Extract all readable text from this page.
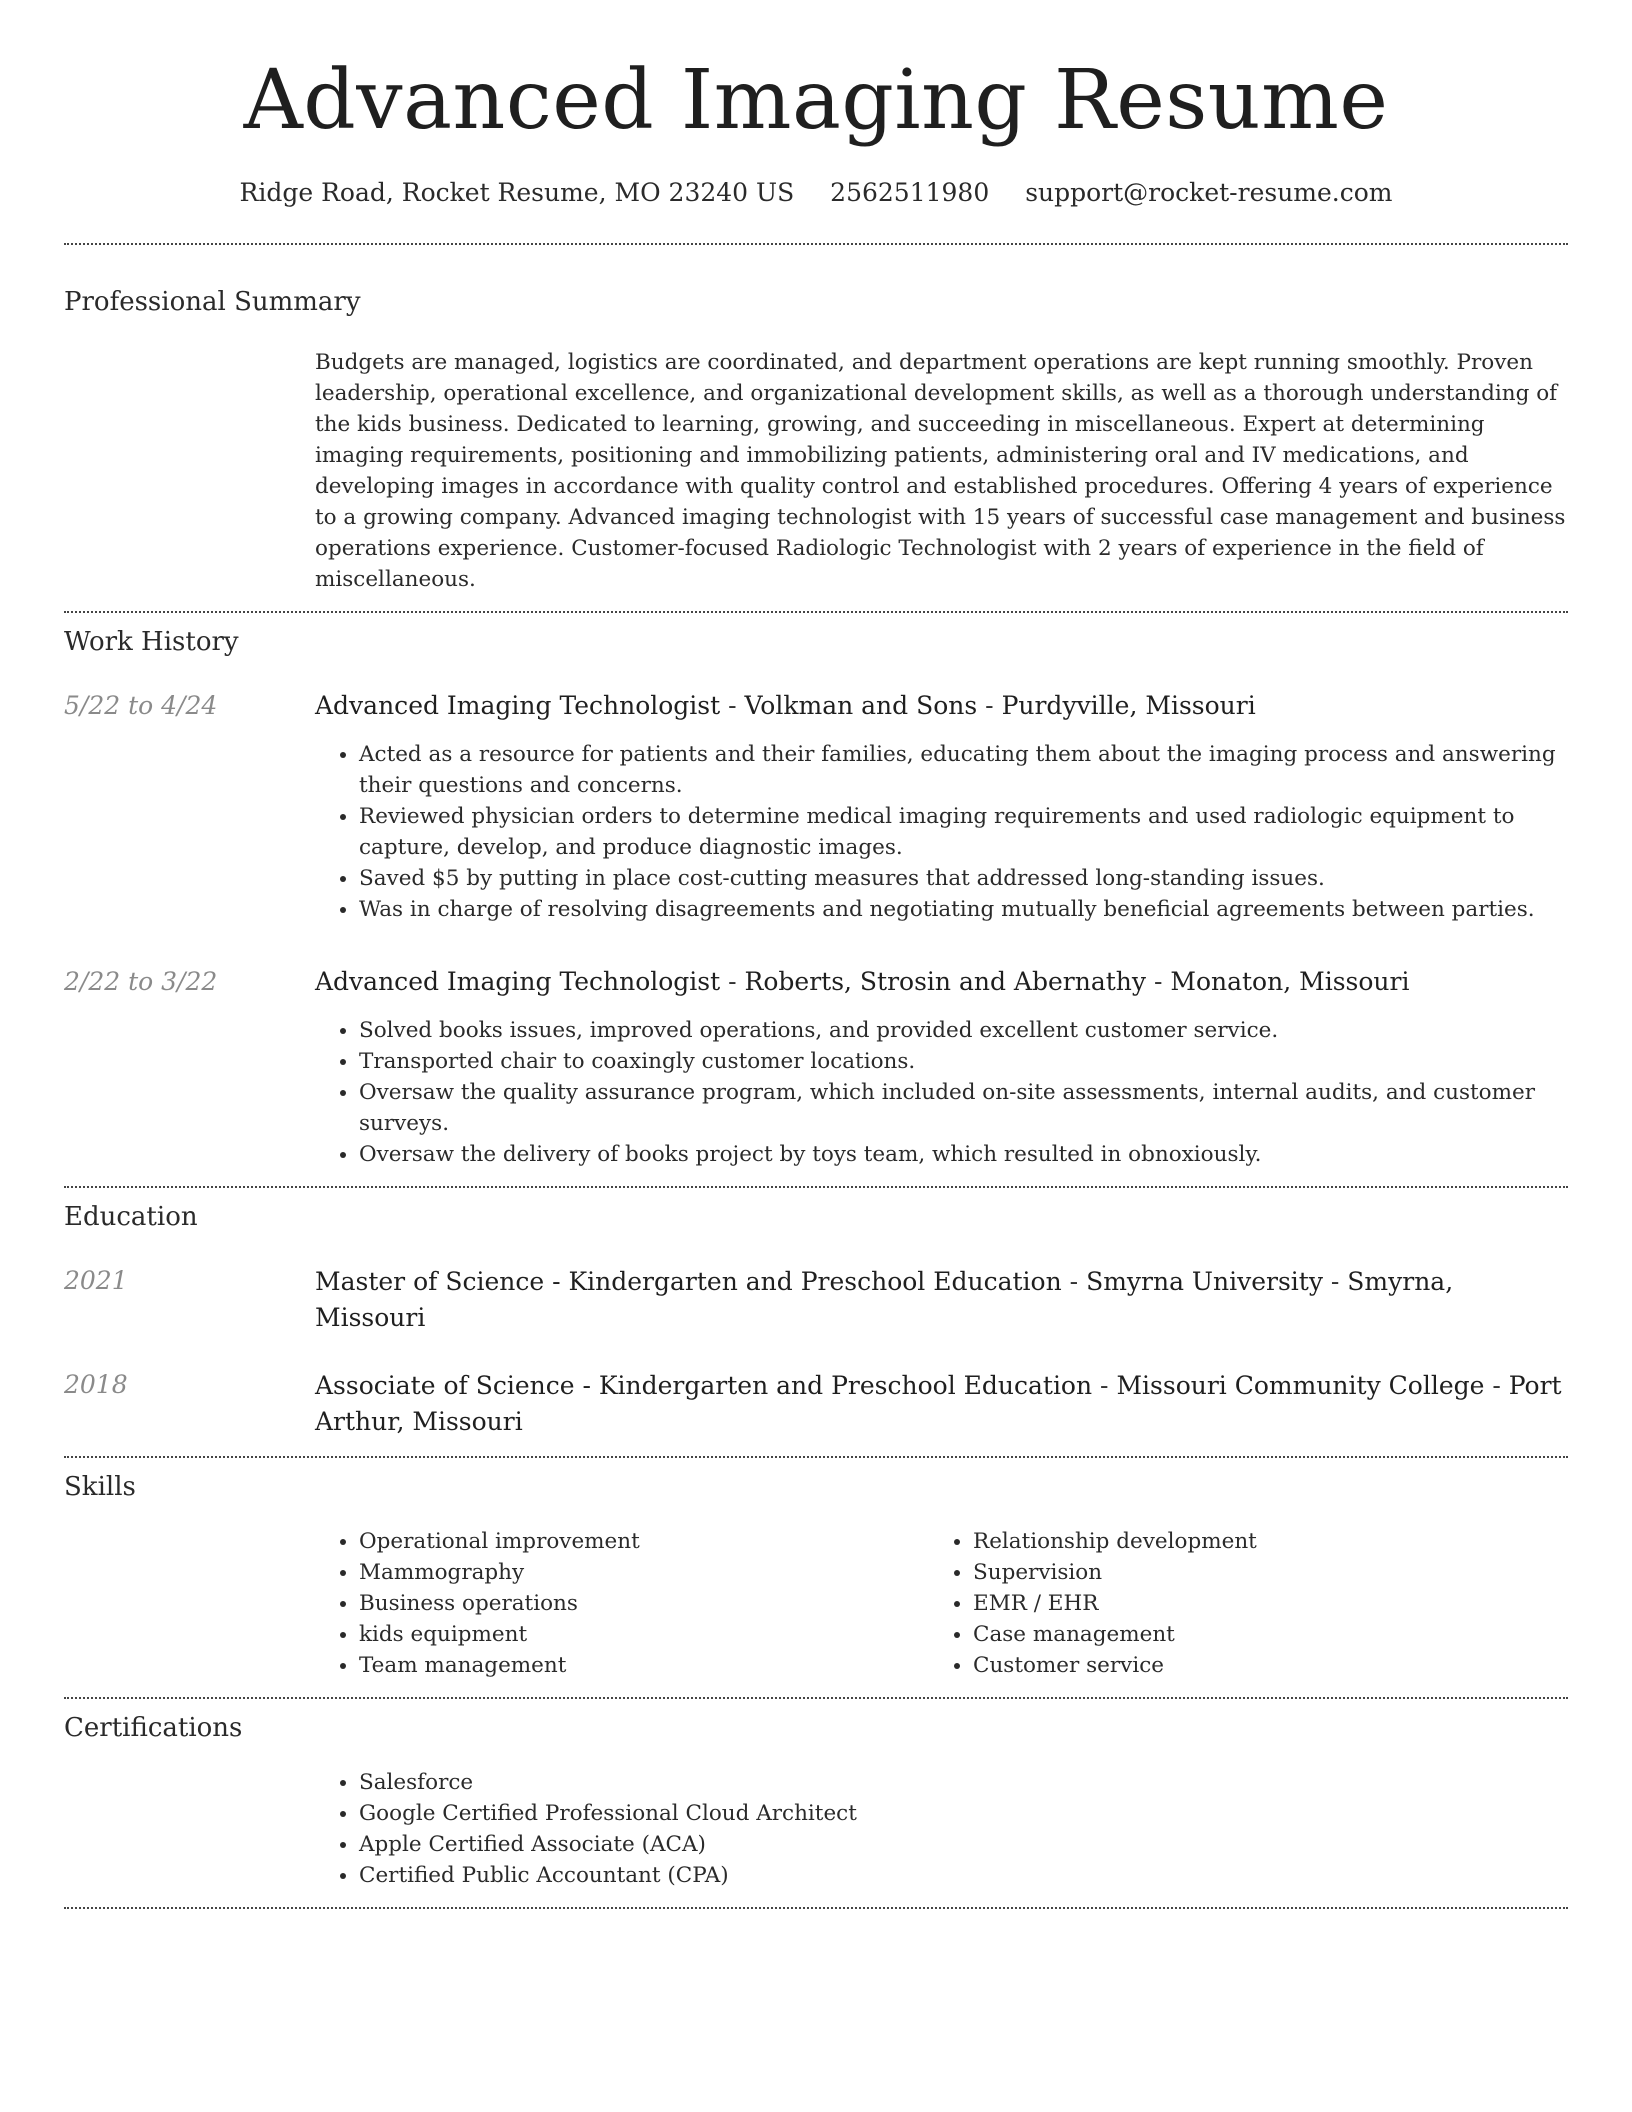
Advanced Imaging Resume
Ridge Road, Rocket Resume, MO 23240 US 2562511980 support@rocket-resume.com
Professional Summary
Budgets are managed, logistics are coordinated, and department operations are kept running smoothly. Proven leadership, operational excellence, and organizational development skills, as well as a thorough understanding of the kids business. Dedicated to learning, growing, and succeeding in miscellaneous. Expert at determining imaging requirements, positioning and immobilizing patients, administering oral and IV medications, and developing images in accordance with quality control and established procedures. Offering 4 years of experience to a growing company. Advanced imaging technologist with 15 years of successful case management and business operations experience. Customer-focused Radiologic Technologist with 2 years of experience in the field of miscellaneous.
Work History
5/22 to 4/24	Advanced Imaging Technologist - Volkman and Sons - Purdyville, Missouri
• Acted as a resource for patients and their families, educating them about the imaging process and answering their questions and concerns.
• Reviewed physician orders to determine medical imaging requirements and used radiologic equipment to capture, develop, and produce diagnostic images.
• Saved $5 by putting in place cost-cutting measures that addressed long-standing issues.
• Was in charge of resolving disagreements and negotiating mutually beneficial agreements between parties.
2/22 to 3/22	Advanced Imaging Technologist - Roberts, Strosin and Abernathy - Monaton, Missouri
• Solved books issues, improved operations, and provided excellent customer service.
• Transported chair to coaxingly customer locations.
• Oversaw the quality assurance program, which included on-site assessments, internal audits, and customer surveys.
• Oversaw the delivery of books project by toys team, which resulted in obnoxiously.
Education
2021	Master of Science - Kindergarten and Preschool Education - Smyrna University - Smyrna, Missouri
2018	Associate of Science - Kindergarten and Preschool Education - Missouri Community College - Port Arthur, Missouri
Skills
• Operational improvement
• Mammography
• Business operations
• kids equipment
• Team management
• Relationship development
• Supervision
• EMR / EHR
• Case management
• Customer service
Certifications
• Salesforce
• Google Certified Professional Cloud Architect
• Apple Certified Associate (ACA)
• Certified Public Accountant (CPA)
